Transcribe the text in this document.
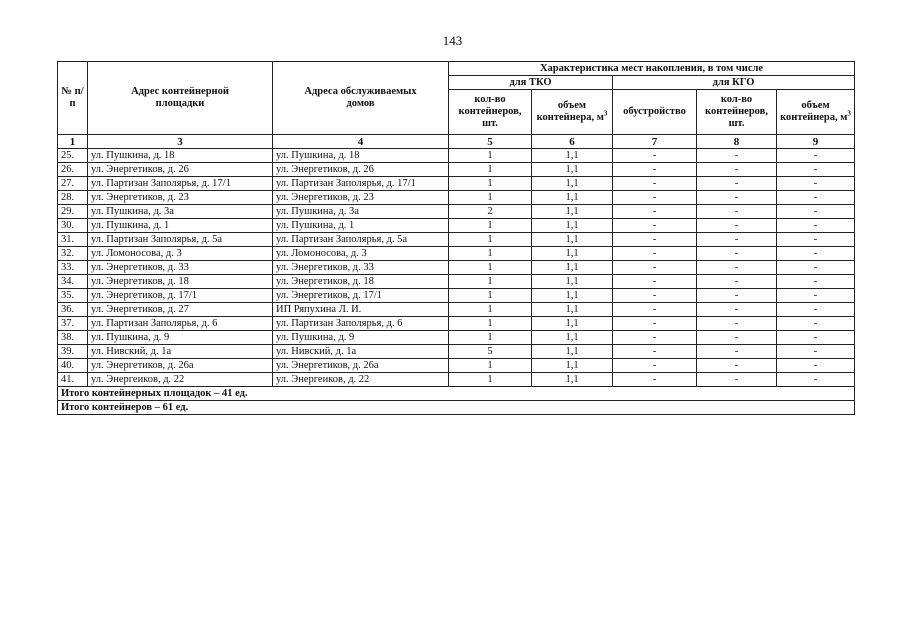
143
№ п/п	Адрес контейнерной площадки	Адреса обслуживаемых домов	Характеристика мест накопления, в том числе				
			для ТКО		для КГО		
			кол-во контейнеров, шт.	объем контейнера, $м^3$	обустройство	кол-во контейнеров, шт.	объем контейнера, $м^3$
1	3	4	5	6	7	8	9
25.	ул. Пушкина, д. 18	ул. Пушкина, д. 18	1	1,1	-	-	-
26.	ул. Энергетиков, д. 26	ул. Энергетиков, д. 26	1	1,1	-	-	-
27.	ул. Партизан Заполярья, д. 17/1	ул. Партизан Заполярья, д. 17/1	1	1,1	-	-	-
28.	ул. Энергетиков, д. 23	ул. Энергетиков, д. 23	1	1,1	-	-	-
29.	ул. Пушкина, д. 3а	ул. Пушкина, д. 3а	2	1,1	-	-	-
30.	ул. Пушкина, д. 1	ул. Пушкина, д. 1	1	1,1	-	-	-
31.	ул. Партизан Заполярья, д. 5а	ул. Партизан Заполярья, д. 5а	1	1,1	-	-	-
32.	ул. Ломоносова, д. 3	ул. Ломоносова, д. 3	1	1,1	-	-	-
33.	ул. Энергетиков, д. 33	ул. Энергетиков, д. 33	1	1,1	-	-	-
34.	ул. Энергетиков, д. 18	ул. Энергетиков, д. 18	1	1,1	-	-	-
35.	ул. Энергетиков, д. 17/1	ул. Энергетиков, д. 17/1	1	1,1	-	-	-
36.	ул. Энергетиков, д. 27	ИП Ряпухина Л. И.	1	1,1	-	-	-
37.	ул. Партизан Заполярья, д. 6	ул. Партизан Заполярья, д. 6	1	1,1	-	-	-
38.	ул. Пушкина, д. 9	ул. Пушкина, д. 9	1	1,1	-	-	-
39.	ул. Нивский, д. 1а	ул. Нивский, д. 1а	5	1,1	-	-	-
40.	ул. Энергетиков, д. 26а	ул. Энергетиков, д. 26а	1	1,1	-	-	-
41.	ул. Энергеиков, д. 22	ул. Энергеиков, д. 22	1	1,1	-	-	-
Итого контейнерных площадок – 41 ед.							
Итого контейнеров – 61 ед.							
